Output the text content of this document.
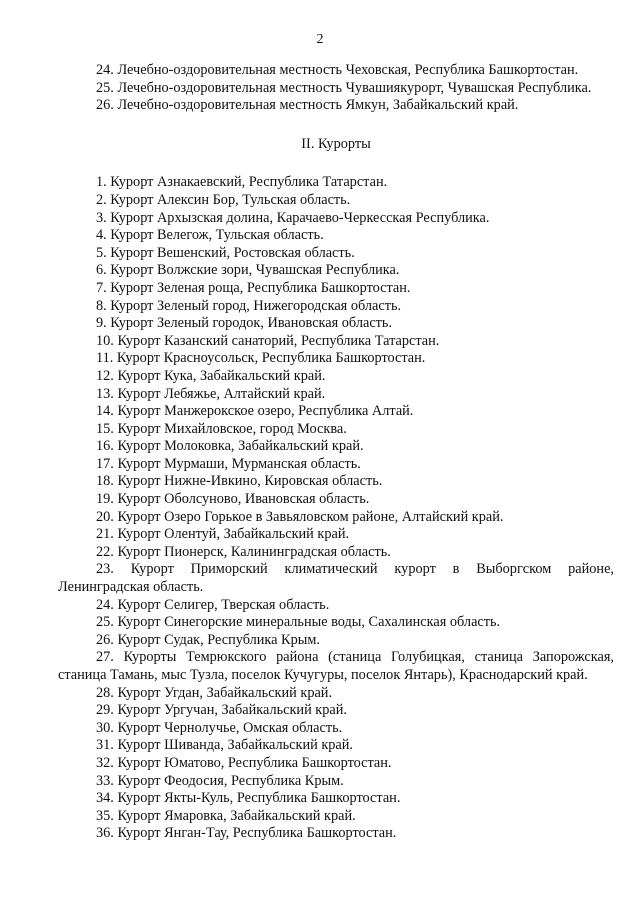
2

24. Лечебно-оздоровительная местность Чеховская, Республика Башкортостан.

25. Лечебно-оздоровительная местность Чувашиякурорт, Чувашская Республика.

26. Лечебно-оздоровительная местность Ямкун, Забайкальский край.

II. Курорты

1. Курорт Азнакаевский, Республика Татарстан.

2. Курорт Алексин Бор, Тульская область.

3. Курорт Архызская долина, Карачаево-Черкесская Республика.

4. Курорт Велегож, Тульская область.

5. Курорт Вешенский, Ростовская область.

6. Курорт Волжские зори, Чувашская Республика.

7. Курорт Зеленая роща, Республика Башкортостан.

8. Курорт Зеленый город, Нижегородская область.

9. Курорт Зеленый городок, Ивановская область.

10. Курорт Казанский санаторий, Республика Татарстан.

11. Курорт Красноусольск, Республика Башкортостан.

12. Курорт Кука, Забайкальский край.

13. Курорт Лебяжье, Алтайский край.

14. Курорт Манжерокское озеро, Республика Алтай.

15. Курорт Михайловское, город Москва.

16. Курорт Молоковка, Забайкальский край.

17. Курорт Мурмаши, Мурманская область.

18. Курорт Нижне-Ивкино, Кировская область.

19. Курорт Оболсуново, Ивановская область.

20. Курорт Озеро Горькое в Завьяловском районе, Алтайский край.

21. Курорт Олентуй, Забайкальский край.

22. Курорт Пионерск, Калининградская область.

23. Курорт Приморский климатический курорт в Выборгском районе, Ленинградская область.

24. Курорт Селигер, Тверская область.

25. Курорт Синегорские минеральные воды, Сахалинская область.

26. Курорт Судак, Республика Крым.

27. Курорты Темрюкского района (станица Голубицкая, станица Запорожская, станица Тамань, мыс Тузла, поселок Кучугуры, поселок Янтарь), Краснодарский край.

28. Курорт Угдан, Забайкальский край.

29. Курорт Ургучан, Забайкальский край.

30. Курорт Чернолучье, Омская область.

31. Курорт Шиванда, Забайкальский край.

32. Курорт Юматово, Республика Башкортостан.

33. Курорт Феодосия, Республика Крым.

34. Курорт Якты-Куль, Республика Башкортостан.

35. Курорт Ямаровка, Забайкальский край.

36. Курорт Янган-Тау, Республика Башкортостан.
